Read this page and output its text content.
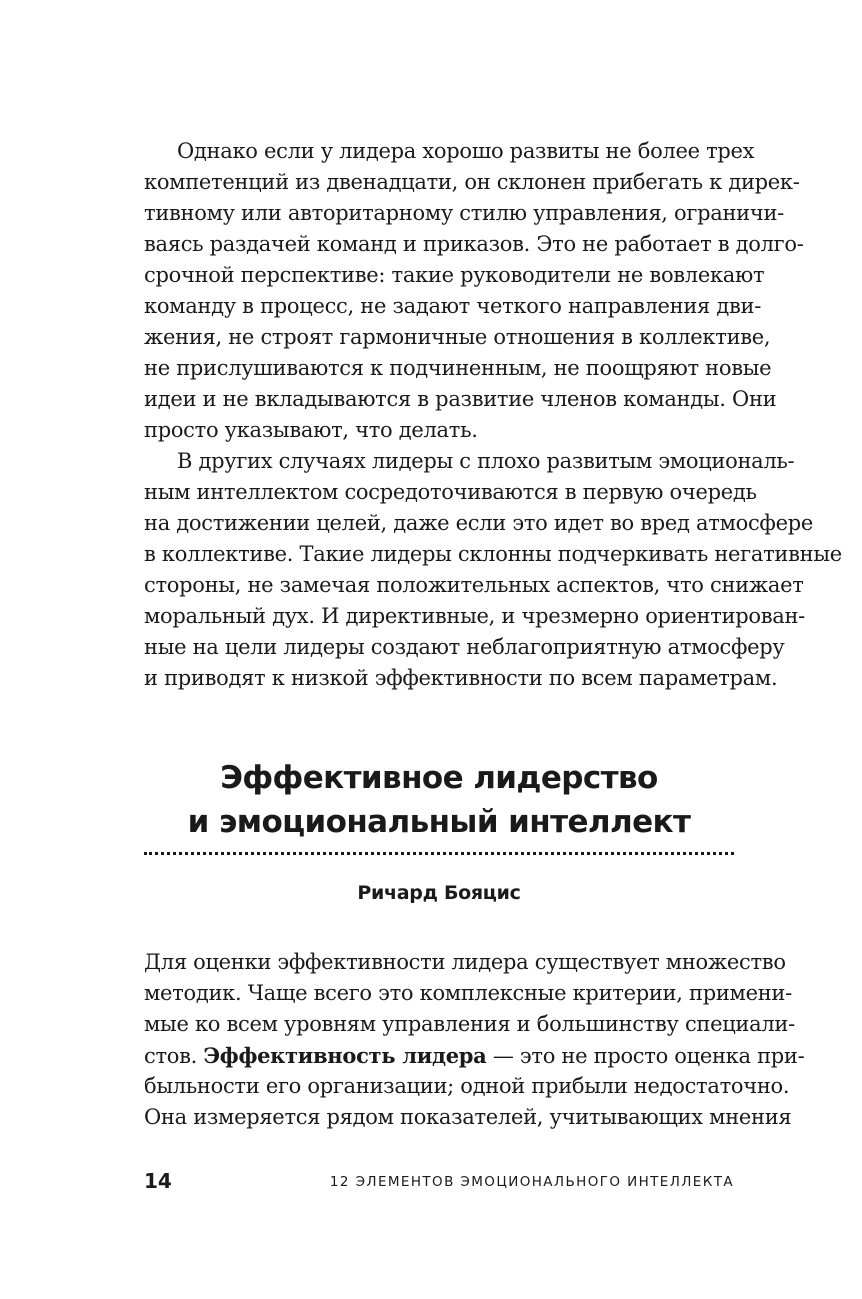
Однако если у лидера хорошо развиты не более трех
компетенций из двенадцати, он склонен прибегать к дирек-
тивному или авторитарному стилю управления, ограничи-
ваясь раздачей команд и приказов. Это не работает в долго-
срочной перспективе: такие руководители не вовлекают
команду в процесс, не задают четкого направления дви-
жения, не строят гармоничные отношения в коллективе,
не прислушиваются к подчиненным, не поощряют новые
идеи и не вкладываются в развитие членов команды. Они
просто указывают, что делать.
В других случаях лидеры с плохо развитым эмоциональ-
ным интеллектом сосредоточиваются в первую очередь
на достижении целей, даже если это идет во вред атмосфере
в коллективе. Такие лидеры склонны подчеркивать негативные
стороны, не замечая положительных аспектов, что снижает
моральный дух. И директивные, и чрезмерно ориентирован-
ные на цели лидеры создают неблагоприятную атмосферу
и приводят к низкой эффективности по всем параметрам.
Эффективное лидерство
и эмоциональный интеллект
Ричард Бояцис
Для оценки эффективности лидера существует множество
методик. Чаще всего это комплексные критерии, примени-
мые ко всем уровням управления и большинству специали-
стов. Эффективность лидера — это не просто оценка при-
быльности его организации; одной прибыли недостаточно.
Она измеряется рядом показателей, учитывающих мнения
14	12 ЭЛЕМЕНТОВ ЭМОЦИОНАЛЬНОГО ИНТЕЛЛЕКТА
